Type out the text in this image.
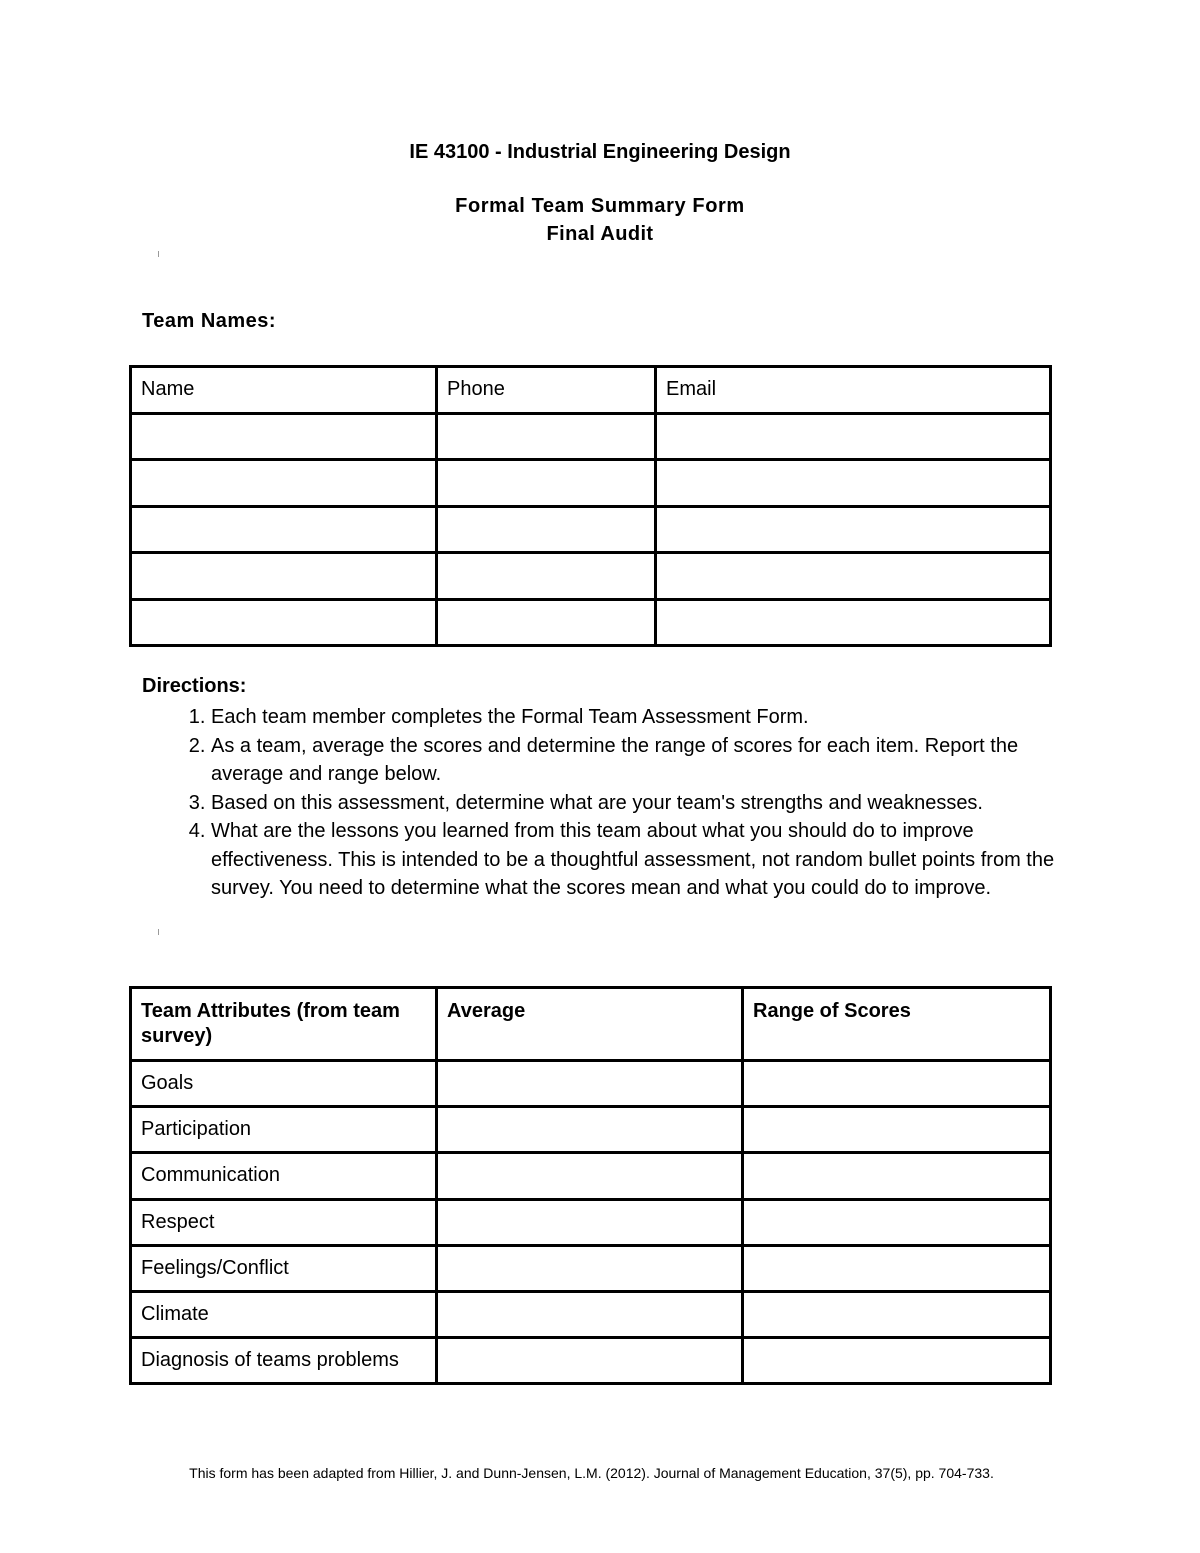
IE 43100 - Industrial Engineering Design
Formal Team Summary Form
Final Audit
Team Names:
Name	Phone	Email

Directions:
1. Each team member completes the Formal Team Assessment Form.
2. As a team, average the scores and determine the range of scores for each item. Report the average and range below.
3. Based on this assessment, determine what are your team's strengths and weaknesses.
4. What are the lessons you learned from this team about what you should do to improve effectiveness. This is intended to be a thoughtful assessment, not random bullet points from the survey. You need to determine what the scores mean and what you could do to improve.
Team Attributes (from team survey)	Average	Range of Scores
Goals		
Participation		
Communication		
Respect		
Feelings/Conflict		
Climate		
Diagnosis of teams problems		
This form has been adapted from Hillier, J. and Dunn-Jensen, L.M. (2012). Journal of Management Education, 37(5), pp. 704-733.
